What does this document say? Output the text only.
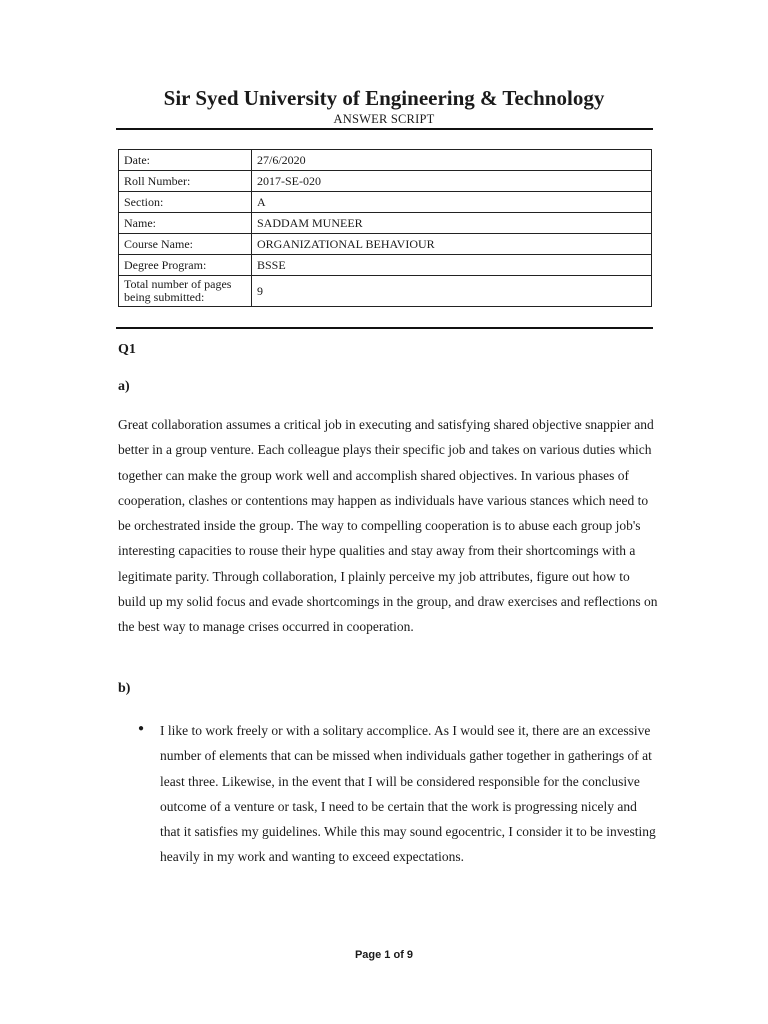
Sir Syed University of Engineering & Technology
ANSWER SCRIPT
Date:	27/6/2020
Roll Number:	2017-SE-020
Section:	A
Name:	SADDAM MUNEER
Course Name:	ORGANIZATIONAL BEHAVIOUR
Degree Program:	BSSE
Total number of pages being submitted:	9
Q1
a)

Great collaboration assumes a critical job in executing and satisfying shared objective snappier and better in a group venture. Each colleague plays their specific job and takes on various duties which together can make the group work well and accomplish shared objectives. In various phases of cooperation, clashes or contentions may happen as individuals have various stances which need to be orchestrated inside the group. The way to compelling cooperation is to abuse each group job's interesting capacities to rouse their hype qualities and stay away from their shortcomings with a legitimate parity. Through collaboration, I plainly perceive my job attributes, figure out how to build up my solid focus and evade shortcomings in the group, and draw exercises and reflections on the best way to manage crises occurred in cooperation.

b)
●	I like to work freely or with a solitary accomplice. As I would see it, there are an excessive number of elements that can be missed when individuals gather together in gatherings of at least three. Likewise, in the event that I will be considered responsible for the conclusive outcome of a venture or task, I need to be certain that the work is progressing nicely and that it satisfies my guidelines. While this may sound egocentric, I consider it to be investing heavily in my work and wanting to exceed expectations.

Page 1 of 9
